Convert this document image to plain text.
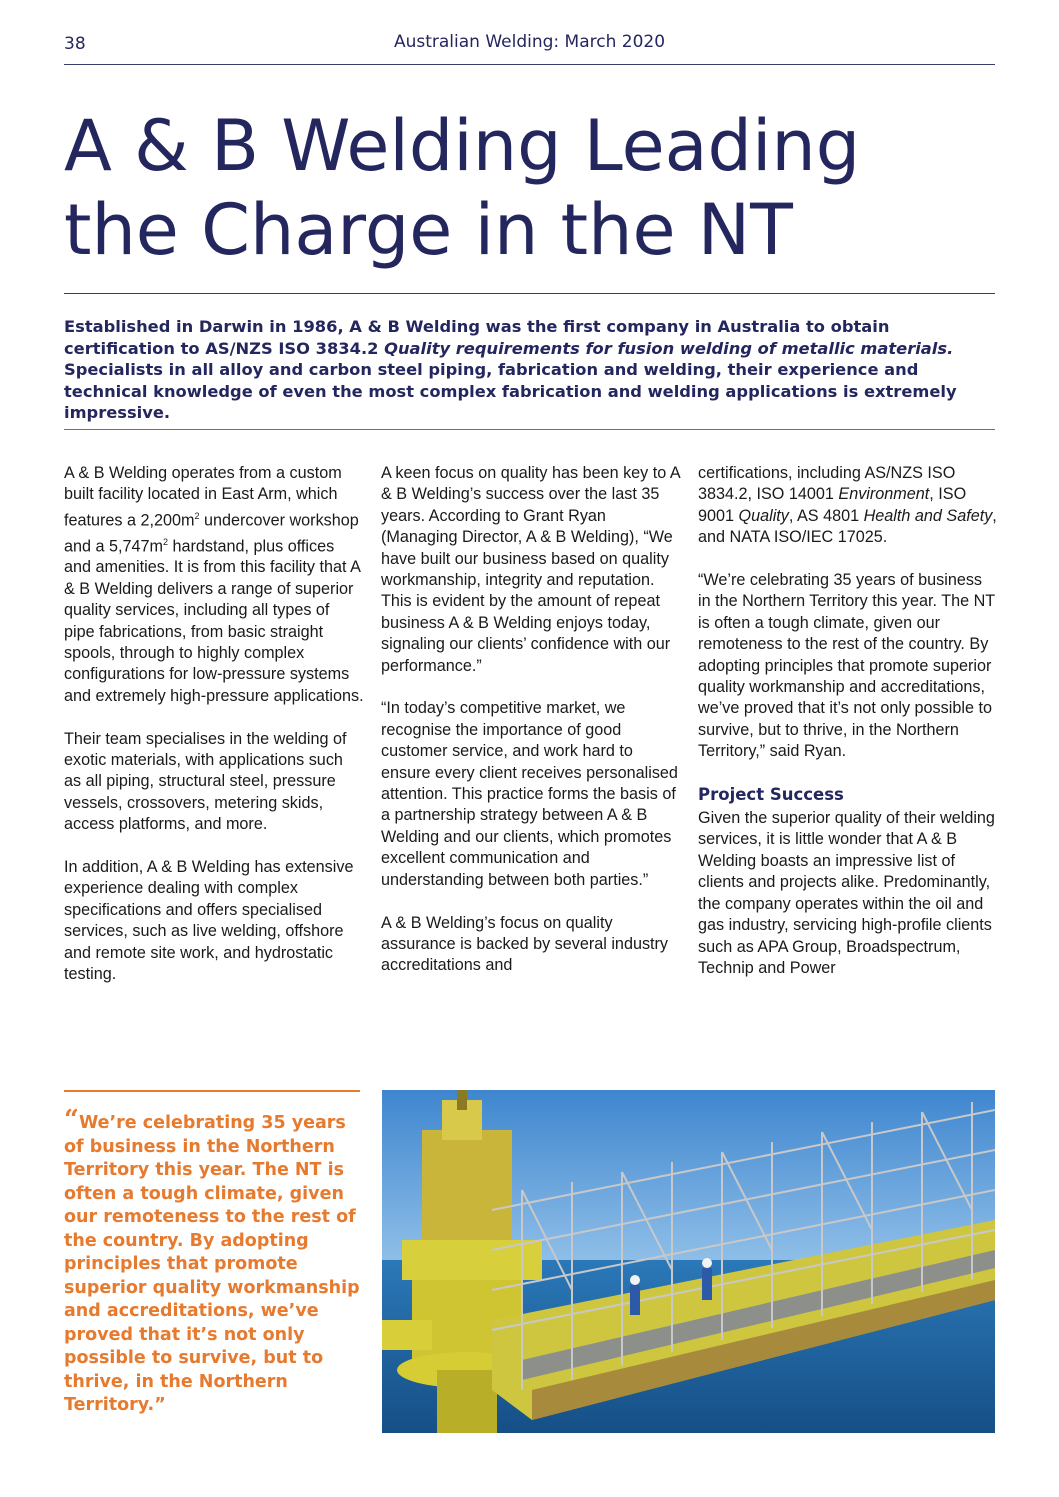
38	Australian Welding: March 2020
A & B Welding Leading
the Charge in the NT

Established in Darwin in 1986, A & B Welding was the first company in Australia to obtain certification to AS/NZS ISO 3834.2 Quality requirements for fusion welding of metallic materials. Specialists in all alloy and carbon steel piping, fabrication and welding, their experience and technical knowledge of even the most complex fabrication and welding applications is extremely impressive.

A & B Welding operates from a custom built facility located in East Arm, which features a $2,200m^2$ undercover workshop and a $5,747m^2$ hardstand, plus offices and amenities. It is from this facility that A & B Welding delivers a range of superior quality services, including all types of pipe fabrications, from basic straight spools, through to highly complex configurations for low-pressure systems and extremely high-pressure applications.

Their team specialises in the welding of exotic materials, with applications such as all piping, structural steel, pressure vessels, crossovers, metering skids, access platforms, and more.

In addition, A & B Welding has extensive experience dealing with complex specifications and offers specialised services, such as live welding, offshore and remote site work, and hydrostatic testing.

A keen focus on quality has been key to A & B Welding’s success over the last 35 years. According to Grant Ryan (Managing Director, A & B Welding), “We have built our business based on quality workmanship, integrity and reputation. This is evident by the amount of repeat business A & B Welding enjoys today, signaling our clients’ confidence with our performance.”

“In today’s competitive market, we recognise the importance of good customer service, and work hard to ensure every client receives personalised attention. This practice forms the basis of a partnership strategy between A & B Welding and our clients, which promotes excellent communication and understanding between both parties.”

A & B Welding’s focus on quality assurance is backed by several industry accreditations and

certifications, including AS/NZS ISO 3834.2, ISO 14001 Environment, ISO 9001 Quality, AS 4801 Health and Safety, and NATA ISO/IEC 17025.

“We’re celebrating 35 years of business in the Northern Territory this year. The NT is often a tough climate, given our remoteness to the rest of the country. By adopting principles that promote superior quality workmanship and accreditations, we’ve proved that it’s not only possible to survive, but to thrive, in the Northern Territory,” said Ryan.

Project Success

Given the superior quality of their welding services, it is little wonder that A & B Welding boasts an impressive list of clients and projects alike. Predominantly, the company operates within the oil and gas industry, servicing high-profile clients such as APA Group, Broadspectrum, Technip and Power

“We’re celebrating 35 years of business in the Northern Territory this year. The NT is often a tough climate, given our remoteness to the rest of the country. By adopting principles that promote superior quality workmanship and accreditations, we’ve proved that it’s not only possible to survive, but to thrive, in the Northern Territory.”
